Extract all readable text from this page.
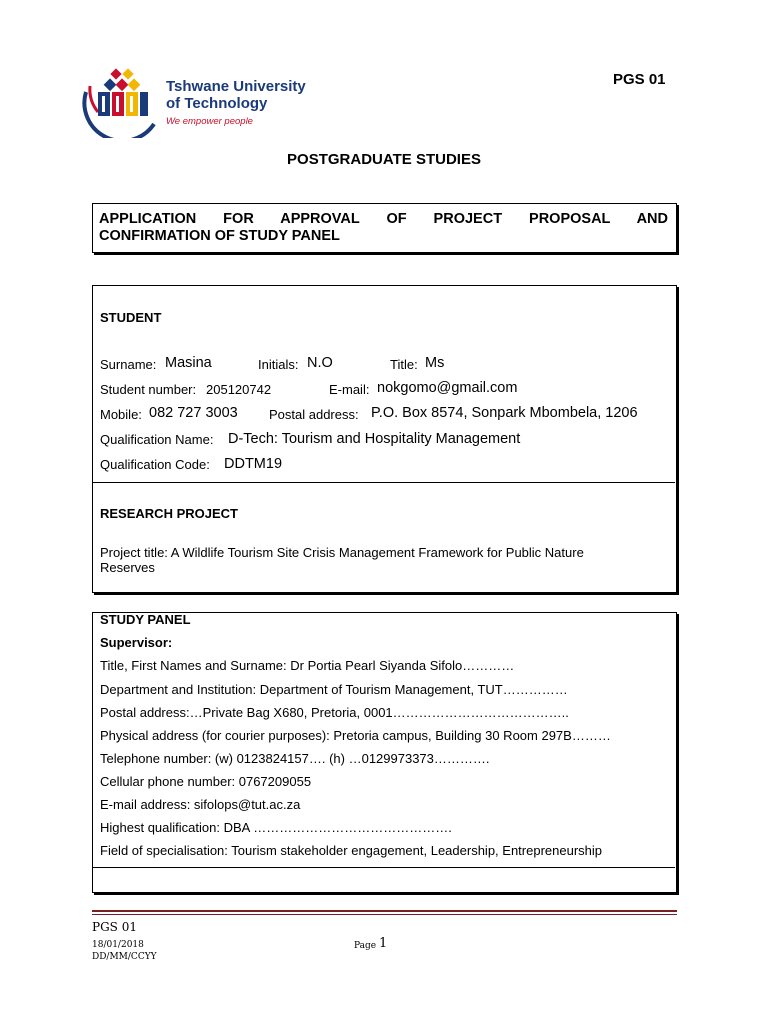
Tshwane University
of Technology
We empower people
PGS 01
POSTGRADUATE STUDIES
APPLICATION FOR APPROVAL OF PROJECT PROPOSAL AND
CONFIRMATION OF STUDY PANEL
STUDENT
Surname: Masina	Initials: N.O	Title: Ms
Student number: 205120742	E-mail: nokgomo@gmail.com
Mobile: 082 727 3003 Postal address: P.O. Box 8574, Sonpark Mbombela, 1206
Qualification Name: D-Tech: Tourism and Hospitality Management
Qualification Code: DDTM19
RESEARCH PROJECT
Project title: A Wildlife Tourism Site Crisis Management Framework for Public Nature
Reserves
STUDY PANEL
Supervisor:
Title, First Names and Surname: Dr Portia Pearl Siyanda Sifolo…………
Department and Institution: Department of Tourism Management, TUT……………
Postal address:…Private Bag X680, Pretoria, 0001…………………………………..
Physical address (for courier purposes): Pretoria campus, Building 30 Room 297B………
Telephone number: (w) 0123824157…. (h) …0129973373………….
Cellular phone number: 0767209055
E-mail address: sifolops@tut.ac.za
Highest qualification: DBA ……………………………………….
Field of specialisation: Tourism stakeholder engagement, Leadership, Entrepreneurship
PGS 01
18/01/2018
DD/MM/CCYY
Page 1
